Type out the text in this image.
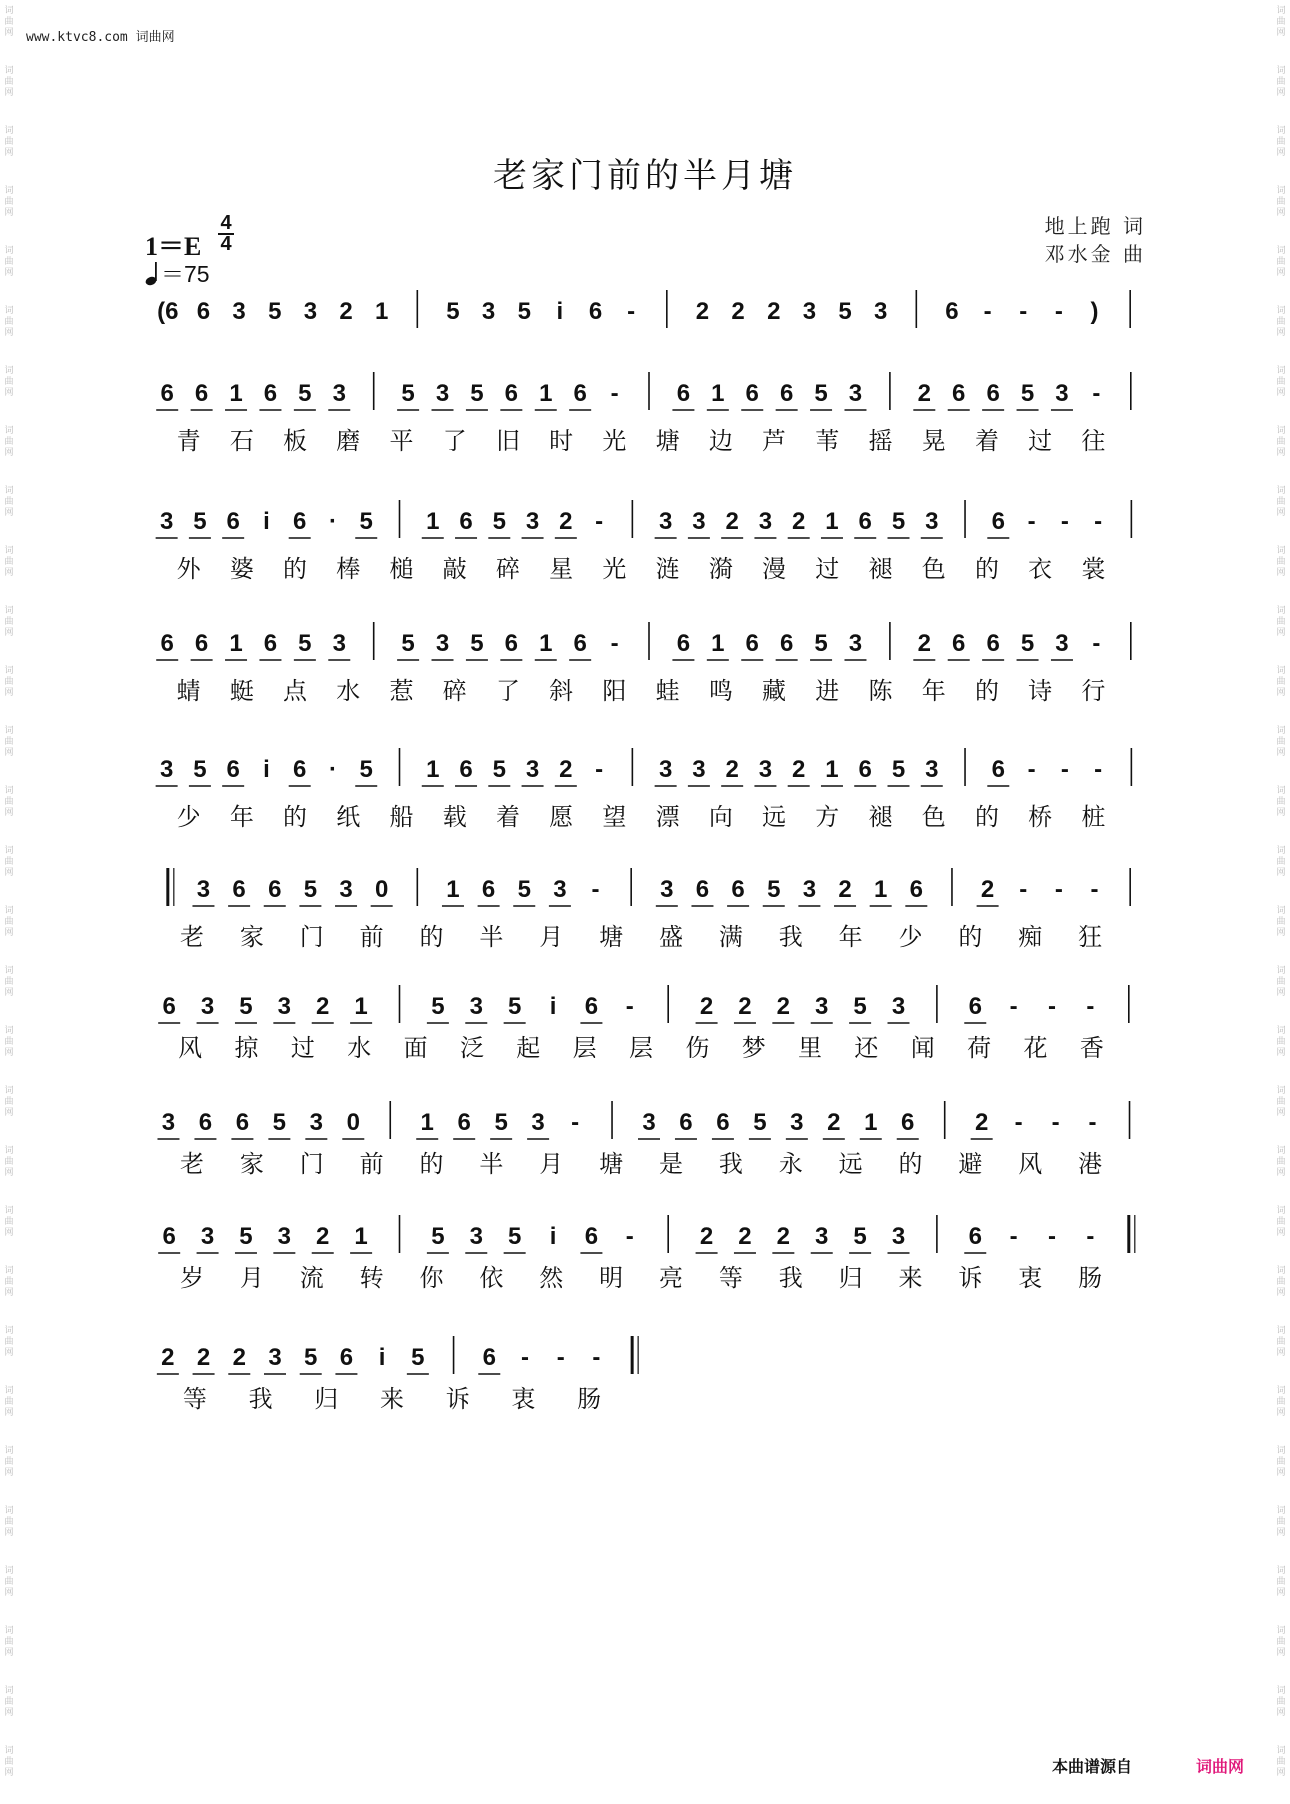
词
曲
网
词
曲
网
词
曲
网
词
曲
网
词
曲
网
词
曲
网
词
曲
网
词
曲
网
词
曲
网
词
曲
网
词
曲
网
词
曲
网
词
曲
网
词
曲
网
词
曲
网
词
曲
网
词
曲
网
词
曲
网
词
曲
网
词
曲
网
词
曲
网
词
曲
网
词
曲
网
词
曲
网
词
曲
网
词
曲
网
词
曲
网
词
曲
网
词
曲
网
词
曲
网
词
曲
网
词
曲
网
词
曲
网
词
曲
网
词
曲
网
词
曲
网
词
曲
网
词
曲
网
词
曲
网
词
曲
网
词
曲
网
词
曲
网
词
曲
网
词
曲
网
词
曲
网
词
曲
网
词
曲
网
词
曲
网
词
曲
网
词
曲
网
词
曲
网
词
曲
网
词
曲
网
词
曲
网
词
曲
网
词
曲
网
词
曲
网
词
曲
网
词
曲
网
词
曲
网
www.ktvc8.com 词曲网
老家门前的半月塘
地上跑 词
邓水金 曲
1＝E
4
4
＝75
(6 6 3 5 3 2 1 5 3 5 i 6 -	2 2 2 3 5 3 6 - - - )
6 6 1 6 5 3 5 3 5 6 1 6 - 6 1 6 6 5 3 2 6 6 5 3 -
青 石 板 磨 平 了 旧 时 光 塘 边 芦 苇 摇 晃 着 过 往
3 5 6 i 6 · 5 1 6 5 3 2 - 3 3 2 3 2 1 6 5 3 6 - - -
外 婆 的 棒 槌 敲 碎 星 光 涟 漪 漫 过 褪 色 的 衣 裳
6 6 1 6 5 3 5 3 5 6 1 6 - 6 1 6 6 5 3 2 6 6 5 3 -
蜻 蜓 点 水 惹 碎 了 斜 阳 蛙 鸣 藏 进 陈 年 的 诗 行
3 5 6 i 6 · 5 1 6 5 3 2 - 3 3 2 3 2 1 6 5 3 6 - - -
少 年 的 纸 船 载 着 愿 望 漂 向 远 方 褪 色 的 桥 桩
3 6 6 5 3 0 1 6 5 3 -	3 6 6 5 3 2 1 6 2 - - -
老 家 门 前 的 半 月 塘 盛 满 我 年 少 的 痴 狂
6 3 5 3 2 1	5 3 5 i 6 -	2 2 2 3 5 3	6 - - -
风 掠 过 水 面 泛 起 层 层 伤 梦 里 还 闻 荷 花 香
3 6 6 5 3 0	1 6 5 3 -	3 6 6 5 3 2 1 6	2 - - -
老 家 门 前 的 半 月 塘 是 我 永 远 的 避 风 港
6 3 5 3 2 1	5 3 5 i 6 -	2 2 2 3 5 3	6 - - -
岁 月 流 转 你 依 然 明 亮 等 我 归 来 诉 衷 肠
2 2 2 3 5 6 i 5 6 - - -
等 我 归 来 诉 衷 肠
本曲谱源自	词曲网
